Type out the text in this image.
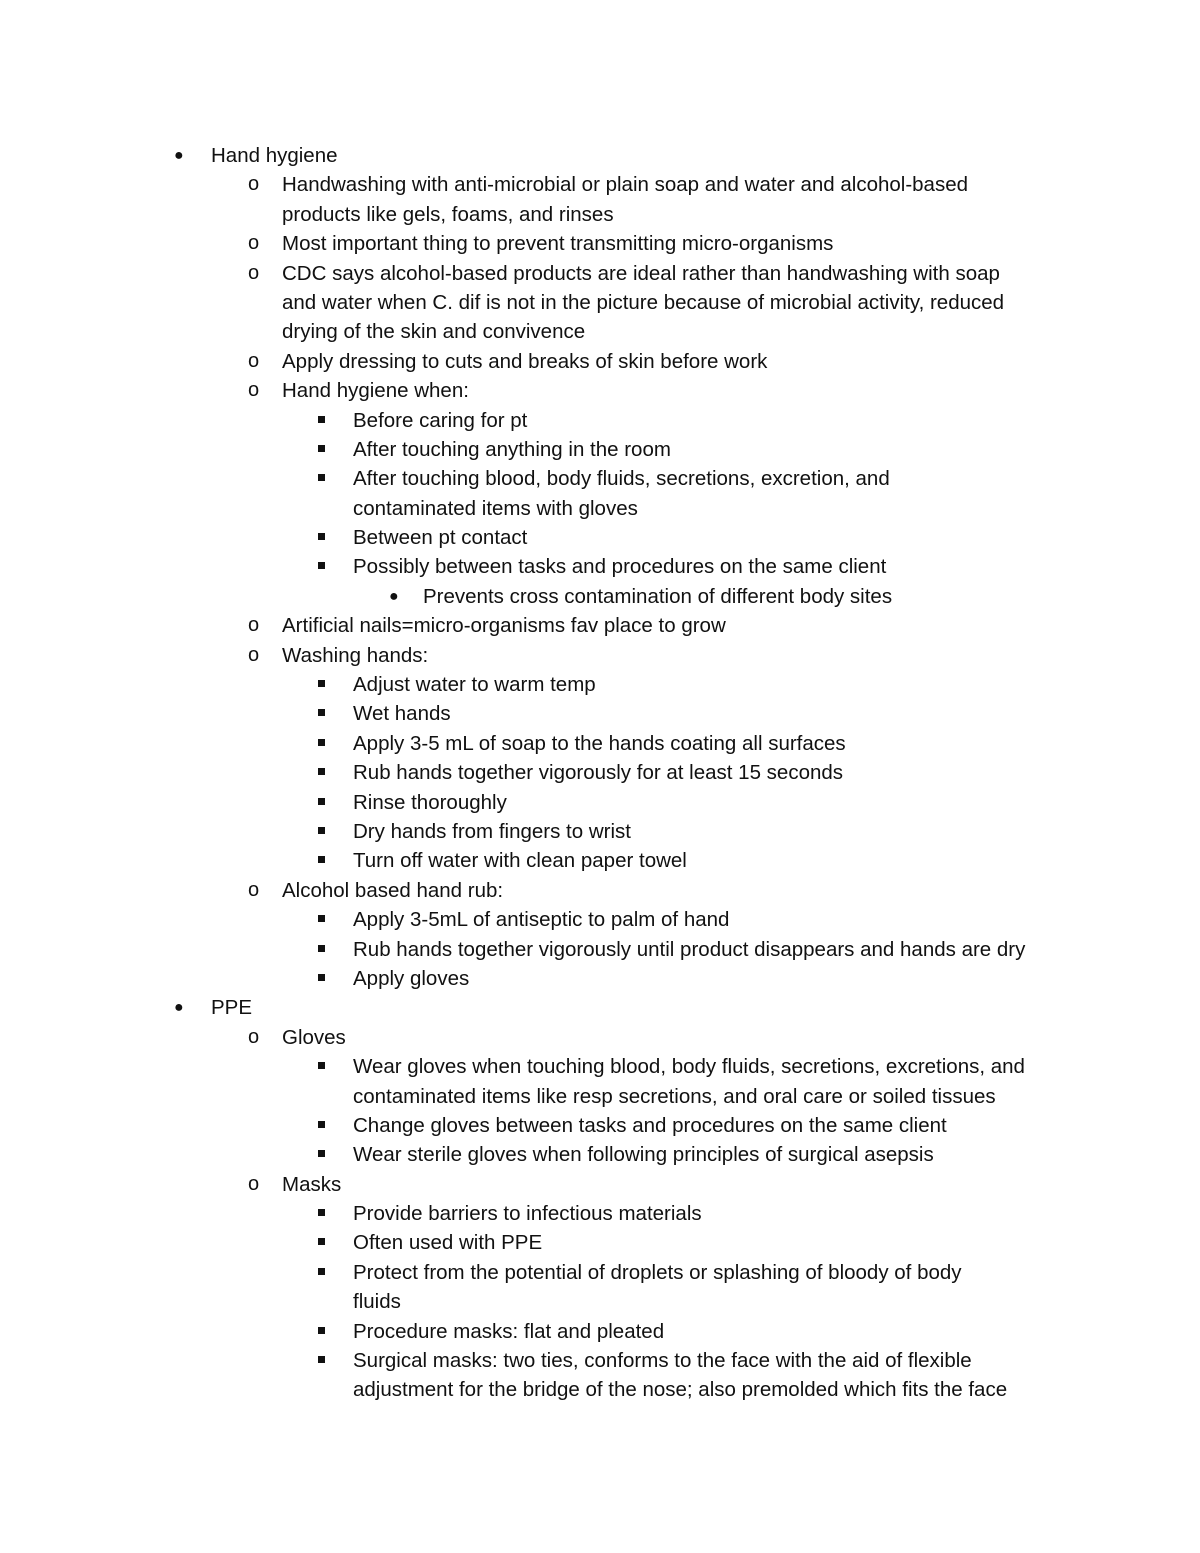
● Hand hygiene
o Handwashing with anti-microbial or plain soap and water and alcohol-based
products like gels, foams, and rinses
o Most important thing to prevent transmitting micro-organisms
o CDC says alcohol-based products are ideal rather than handwashing with soap
and water when C. dif is not in the picture because of microbial activity, reduced
drying of the skin and convivence
o Apply dressing to cuts and breaks of skin before work
o Hand hygiene when:
Before caring for pt
After touching anything in the room
After touching blood, body fluids, secretions, excretion, and
contaminated items with gloves
Between pt contact
Possibly between tasks and procedures on the same client
● Prevents cross contamination of different body sites
o Artificial nails=micro-organisms fav place to grow
o Washing hands:
Adjust water to warm temp
Wet hands
Apply 3-5 mL of soap to the hands coating all surfaces
Rub hands together vigorously for at least 15 seconds
Rinse thoroughly
Dry hands from fingers to wrist
Turn off water with clean paper towel
o Alcohol based hand rub:
Apply 3-5mL of antiseptic to palm of hand
Rub hands together vigorously until product disappears and hands are dry
Apply gloves
● PPE
o Gloves
Wear gloves when touching blood, body fluids, secretions, excretions, and
contaminated items like resp secretions, and oral care or soiled tissues
Change gloves between tasks and procedures on the same client
Wear sterile gloves when following principles of surgical asepsis
o Masks
Provide barriers to infectious materials
Often used with PPE
Protect from the potential of droplets or splashing of bloody of body
fluids
Procedure masks: flat and pleated
Surgical masks: two ties, conforms to the face with the aid of flexible
adjustment for the bridge of the nose; also premolded which fits the face
